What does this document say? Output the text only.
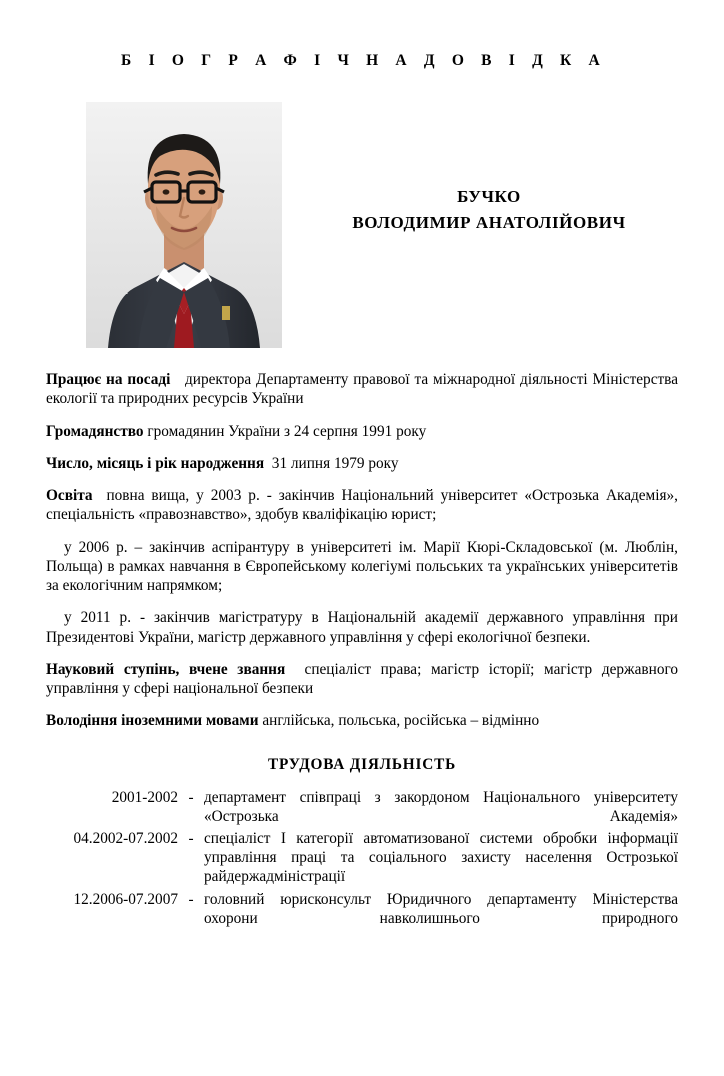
Б І О Г Р А Ф І Ч Н А Д О В І Д К А
БУЧКО
ВОЛОДИМИР АНАТОЛІЙОВИЧ
Працює на посаді директора Департаменту правової та міжнародної діяльності Міністерства екології та природних ресурсів України
Громадянство громадянин України з 24 серпня 1991 року
Число, місяць і рік народження 31 липня 1979 року
Освіта повна вища, у 2003 р. - закінчив Національний університет «Острозька Академія», спеціальність «правознавство», здобув кваліфікацію юрист;
у 2006 р. – закінчив аспірантуру в університеті ім. Марії Кюрі-Складовської (м. Люблін, Польща) в рамках навчання в Європейському колегіумі польських та українських університетів за екологічним напрямком;
у 2011 р. - закінчив магістратуру в Національній академії державного управління при Президентові України, магістр державного управління у сфері екологічної безпеки.
Науковий ступінь, вчене звання спеціаліст права; магістр історії; магістр державного управління у сфері національної безпеки
Володіння іноземними мовами англійська, польська, російська – відмінно
ТРУДОВА ДІЯЛЬНІСТЬ
2001-2002	-	департамент співпраці з закордоном Національного університету «Острозька Академія»
04.2002-07.2002	-	спеціаліст I категорії автоматизованої системи обробки інформації управління праці та соціального захисту населення Острозької райдержадміністрації
12.2006-07.2007	-	головний юрисконсульт Юридичного департаменту Міністерства охорони навколишнього природного
